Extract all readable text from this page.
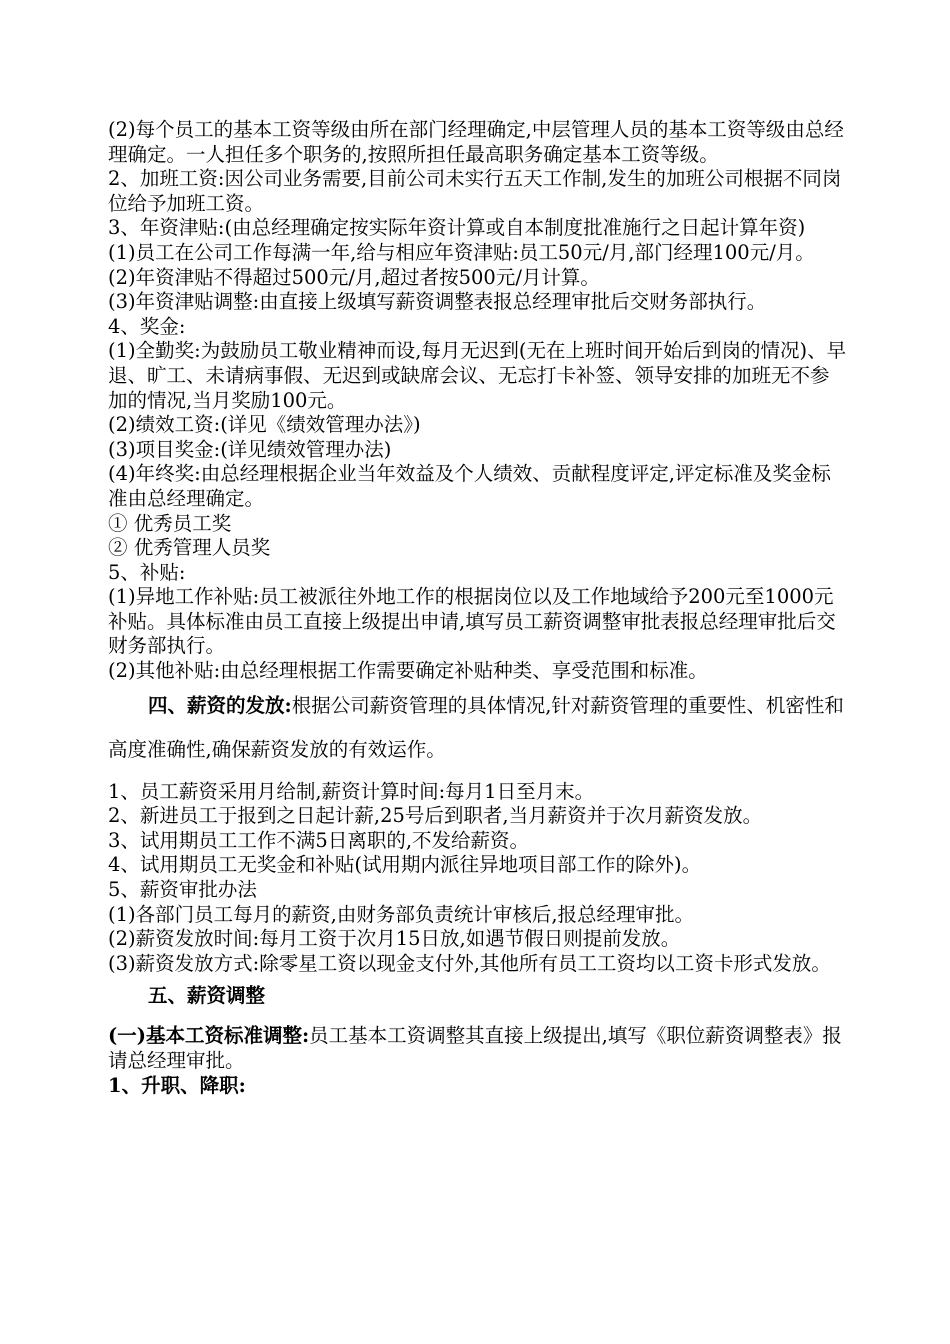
(2)每个员工的基本工资等级由所在部门经理确定,中层管理人员的基本工资等级由总经理确定。一人担任多个职务的,按照所担任最高职务确定基本工资等级。

2、加班工资:因公司业务需要,目前公司未实行五天工作制,发生的加班公司根据不同岗位给予加班工资。

3、年资津贴:(由总经理确定按实际年资计算或自本制度批准施行之日起计算年资)

(1)员工在公司工作每满一年,给与相应年资津贴:员工50元/月,部门经理100元/月。

(2)年资津贴不得超过500元/月,超过者按500元/月计算。

(3)年资津贴调整:由直接上级填写薪资调整表报总经理审批后交财务部执行。

4、奖金:

(1)全勤奖:为鼓励员工敬业精神而设,每月无迟到(无在上班时间开始后到岗的情况)、早退、旷工、未请病事假、无迟到或缺席会议、无忘打卡补签、领导安排的加班无不参加的情况,当月奖励100元。

(2)绩效工资:(详见《绩效管理办法》)

(3)项目奖金:(详见绩效管理办法)

(4)年终奖:由总经理根据企业当年效益及个人绩效、贡献程度评定,评定标准及奖金标准由总经理确定。

① 优秀员工奖

② 优秀管理人员奖

5、补贴:

(1)异地工作补贴:员工被派往外地工作的根据岗位以及工作地域给予200元至1000元补贴。具体标准由员工直接上级提出申请,填写员工薪资调整审批表报总经理审批后交财务部执行。

(2)其他补贴:由总经理根据工作需要确定补贴种类、享受范围和标准。

四、薪资的发放:根据公司薪资管理的具体情况,针对薪资管理的重要性、机密性和高度准确性,确保薪资发放的有效运作。

1、员工薪资采用月给制,薪资计算时间:每月1日至月末。

2、新进员工于报到之日起计薪,25号后到职者,当月薪资并于次月薪资发放。

3、试用期员工工作不满5日离职的,不发给薪资。

4、试用期员工无奖金和补贴(试用期内派往异地项目部工作的除外)。

5、薪资审批办法

(1)各部门员工每月的薪资,由财务部负责统计审核后,报总经理审批。

(2)薪资发放时间:每月工资于次月15日放,如遇节假日则提前发放。

(3)薪资发放方式:除零星工资以现金支付外,其他所有员工工资均以工资卡形式发放。

五、薪资调整

(一)基本工资标准调整:员工基本工资调整其直接上级提出,填写《职位薪资调整表》报请总经理审批。

1、升职、降职:
